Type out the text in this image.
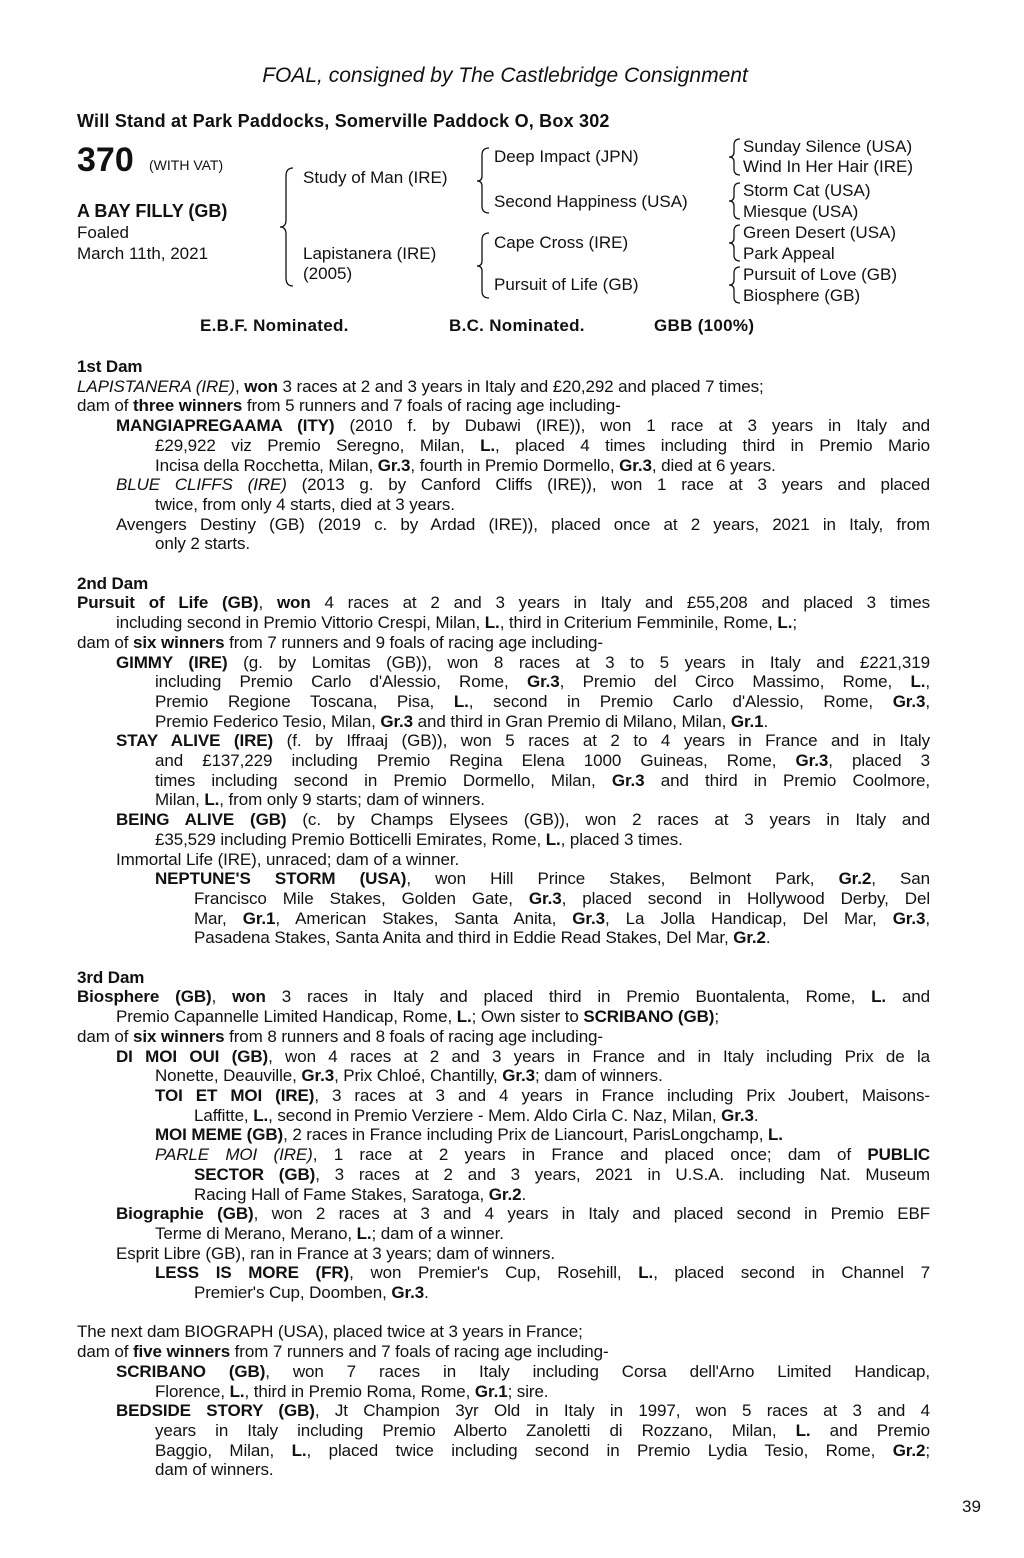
FOAL, consigned by The Castlebridge Consignment
Will Stand at Park Paddocks, Somerville Paddock O, Box 302
370 (WITH VAT)
A BAY FILLY (GB)
Foaled
March 11th, 2021
Study of Man (IRE)
Lapistanera (IRE)
(2005)
Deep Impact (JPN)
Second Happiness (USA)
Cape Cross (IRE)
Pursuit of Life (GB)
Sunday Silence (USA)
Wind In Her Hair (IRE)
Storm Cat (USA)
Miesque (USA)
Green Desert (USA)
Park Appeal
Pursuit of Love (GB)
Biosphere (GB)
E.B.F. Nominated.	B.C. Nominated.	GBB (100%)
1st Dam
LAPISTANERA (IRE), won 3 races at 2 and 3 years in Italy and £20,292 and placed 7 times;
dam of three winners from 5 runners and 7 foals of racing age including-
MANGIAPREGAAMA (ITY) (2010 f. by Dubawi (IRE)), won 1 race at 3 years in Italy and
£29,922 viz Premio Seregno, Milan, L., placed 4 times including third in Premio Mario
Incisa della Rocchetta, Milan, Gr.3, fourth in Premio Dormello, Gr.3, died at 6 years.
BLUE CLIFFS (IRE) (2013 g. by Canford Cliffs (IRE)), won 1 race at 3 years and placed
twice, from only 4 starts, died at 3 years.
Avengers Destiny (GB) (2019 c. by Ardad (IRE)), placed once at 2 years, 2021 in Italy, from
only 2 starts.
2nd Dam
Pursuit of Life (GB), won 4 races at 2 and 3 years in Italy and £55,208 and placed 3 times
including second in Premio Vittorio Crespi, Milan, L., third in Criterium Femminile, Rome, L.;
dam of six winners from 7 runners and 9 foals of racing age including-
GIMMY (IRE) (g. by Lomitas (GB)), won 8 races at 3 to 5 years in Italy and £221,319
including Premio Carlo d'Alessio, Rome, Gr.3, Premio del Circo Massimo, Rome, L.,
Premio Regione Toscana, Pisa, L., second in Premio Carlo d'Alessio, Rome, Gr.3,
Premio Federico Tesio, Milan, Gr.3 and third in Gran Premio di Milano, Milan, Gr.1.
STAY ALIVE (IRE) (f. by Iffraaj (GB)), won 5 races at 2 to 4 years in France and in Italy
and £137,229 including Premio Regina Elena 1000 Guineas, Rome, Gr.3, placed 3
times including second in Premio Dormello, Milan, Gr.3 and third in Premio Coolmore,
Milan, L., from only 9 starts; dam of winners.
BEING ALIVE (GB) (c. by Champs Elysees (GB)), won 2 races at 3 years in Italy and
£35,529 including Premio Botticelli Emirates, Rome, L., placed 3 times.
Immortal Life (IRE), unraced; dam of a winner.
NEPTUNE'S STORM (USA), won Hill Prince Stakes, Belmont Park, Gr.2, San
Francisco Mile Stakes, Golden Gate, Gr.3, placed second in Hollywood Derby, Del
Mar, Gr.1, American Stakes, Santa Anita, Gr.3, La Jolla Handicap, Del Mar, Gr.3,
Pasadena Stakes, Santa Anita and third in Eddie Read Stakes, Del Mar, Gr.2.
3rd Dam
Biosphere (GB), won 3 races in Italy and placed third in Premio Buontalenta, Rome, L. and
Premio Capannelle Limited Handicap, Rome, L.; Own sister to SCRIBANO (GB);
dam of six winners from 8 runners and 8 foals of racing age including-
DI MOI OUI (GB), won 4 races at 2 and 3 years in France and in Italy including Prix de la
Nonette, Deauville, Gr.3, Prix Chloé, Chantilly, Gr.3; dam of winners.
TOI ET MOI (IRE), 3 races at 3 and 4 years in France including Prix Joubert, Maisons-
Laffitte, L., second in Premio Verziere - Mem. Aldo Cirla C. Naz, Milan, Gr.3.
MOI MEME (GB), 2 races in France including Prix de Liancourt, ParisLongchamp, L.
PARLE MOI (IRE), 1 race at 2 years in France and placed once; dam of PUBLIC
SECTOR (GB), 3 races at 2 and 3 years, 2021 in U.S.A. including Nat. Museum
Racing Hall of Fame Stakes, Saratoga, Gr.2.
Biographie (GB), won 2 races at 3 and 4 years in Italy and placed second in Premio EBF
Terme di Merano, Merano, L.; dam of a winner.
Esprit Libre (GB), ran in France at 3 years; dam of winners.
LESS IS MORE (FR), won Premier's Cup, Rosehill, L., placed second in Channel 7
Premier's Cup, Doomben, Gr.3.
The next dam BIOGRAPH (USA), placed twice at 3 years in France;
dam of five winners from 7 runners and 7 foals of racing age including-
SCRIBANO (GB), won 7 races in Italy including Corsa dell'Arno Limited Handicap,
Florence, L., third in Premio Roma, Rome, Gr.1; sire.
BEDSIDE STORY (GB), Jt Champion 3yr Old in Italy in 1997, won 5 races at 3 and 4
years in Italy including Premio Alberto Zanoletti di Rozzano, Milan, L. and Premio
Baggio, Milan, L., placed twice including second in Premio Lydia Tesio, Rome, Gr.2;
dam of winners.
39
